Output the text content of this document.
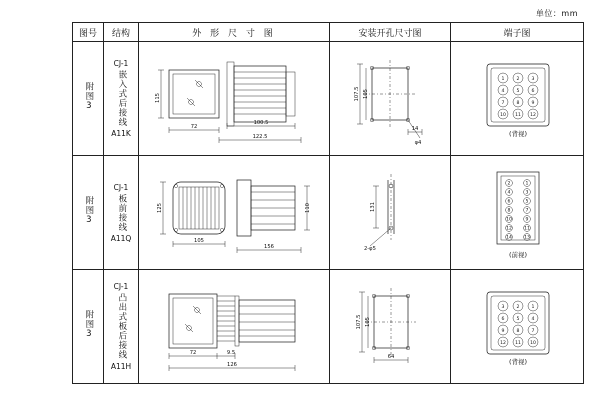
单位：mm
图号	结构	外 形 尺 寸 图	安装开孔尺寸图	端子图
附图3	
CJ-1
嵌入式后接线
A11K

115
72
100.5
122.5

107.5 105
14
φ4

1	2	3
4	5	6
7	8	9
10 11 12
(背视)

附图3	
CJ-1
板前接线
A11Q

125
105
156
110	131
2-φ5

2	1
4	3
6	5
8	7
10	9
12	11
14	13
(前视)

附图3	
CJ-1
凸出式板后接线
A11H

72	9.5
126

107.5 105
64

3	2	1
6	5	4
9	8	7
12 11 10
(背视)
